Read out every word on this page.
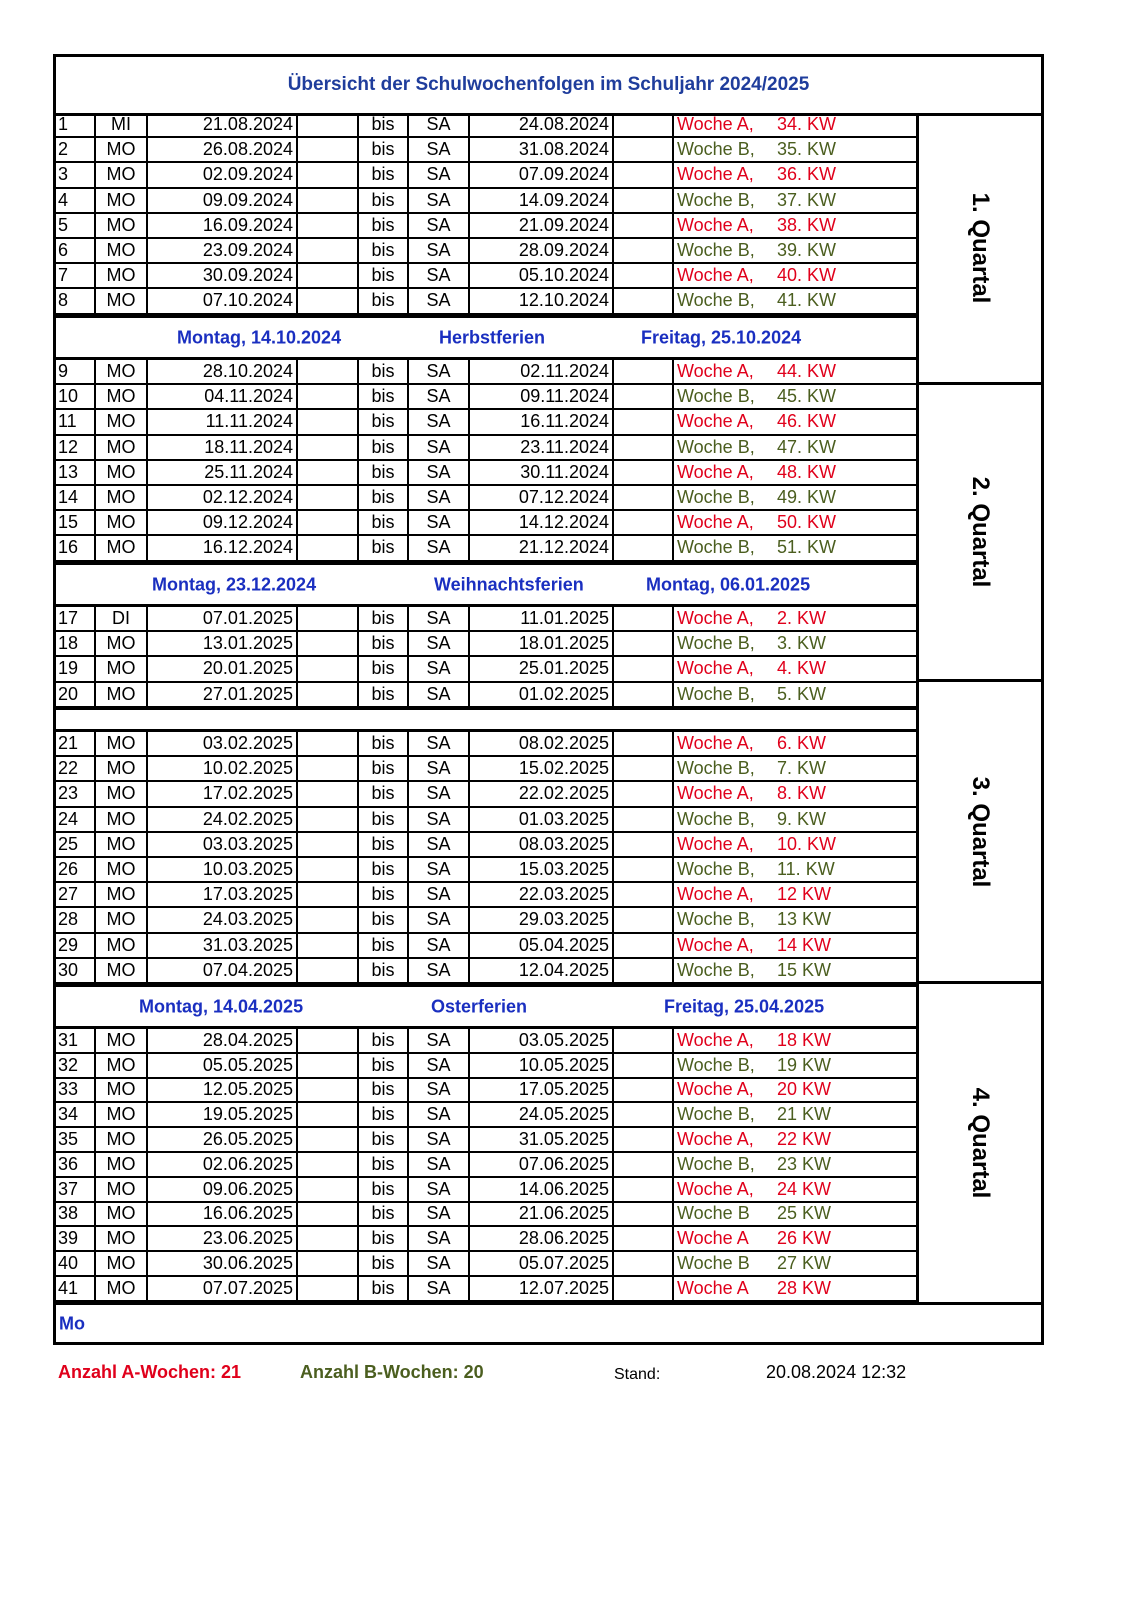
Übersicht der Schulwochenfolgen im Schuljahr 2024/2025
1	MI	21.08.2024	bis	SA	24.08.2024	Woche A,	34. KW
2	MO	26.08.2024	bis	SA	31.08.2024	Woche B,	35. KW
3	MO	02.09.2024	bis	SA	07.09.2024	Woche A,	36. KW
4	MO	09.09.2024	bis	SA	14.09.2024	Woche B,	37. KW
5	MO	16.09.2024	bis	SA	21.09.2024	Woche A,	38. KW
6	MO	23.09.2024	bis	SA	28.09.2024	Woche B,	39. KW
7	MO	30.09.2024	bis	SA	05.10.2024	Woche A,	40. KW
8	MO	07.10.2024	bis	SA	12.10.2024	Woche B,	41. KW
Montag, 14.10.2024	Herbstferien	Freitag, 25.10.2024
9	MO	28.10.2024	bis	SA	02.11.2024	Woche A,	44. KW
10	MO	04.11.2024	bis	SA	09.11.2024	Woche B,	45. KW
11	MO	11.11.2024	bis	SA	16.11.2024	Woche A,	46. KW
12	MO	18.11.2024	bis	SA	23.11.2024	Woche B,	47. KW
13	MO	25.11.2024	bis	SA	30.11.2024	Woche A,	48. KW
14	MO	02.12.2024	bis	SA	07.12.2024	Woche B,	49. KW
15	MO	09.12.2024	bis	SA	14.12.2024	Woche A,	50. KW
16	MO	16.12.2024	bis	SA	21.12.2024	Woche B,	51. KW
Montag, 23.12.2024	Weihnachtsferien	Montag, 06.01.2025
17	DI	07.01.2025	bis	SA	11.01.2025	Woche A,	2. KW
18	MO	13.01.2025	bis	SA	18.01.2025	Woche B,	3. KW
19	MO	20.01.2025	bis	SA	25.01.2025	Woche A,	4. KW
20	MO	27.01.2025	bis	SA	01.02.2025	Woche B,	5. KW
21	MO	03.02.2025	bis	SA	08.02.2025	Woche A,	6. KW
22	MO	10.02.2025	bis	SA	15.02.2025	Woche B,	7. KW
23	MO	17.02.2025	bis	SA	22.02.2025	Woche A,	8. KW
24	MO	24.02.2025	bis	SA	01.03.2025	Woche B,	9. KW
25	MO	03.03.2025	bis	SA	08.03.2025	Woche A,	10. KW
26	MO	10.03.2025	bis	SA	15.03.2025	Woche B,	11. KW
27	MO	17.03.2025	bis	SA	22.03.2025	Woche A,	12 KW
28	MO	24.03.2025	bis	SA	29.03.2025	Woche B,	13 KW
29	MO	31.03.2025	bis	SA	05.04.2025	Woche A,	14 KW
30	MO	07.04.2025	bis	SA	12.04.2025	Woche B,	15 KW
Montag, 14.04.2025	Osterferien	Freitag, 25.04.2025
31	MO	28.04.2025	bis	SA	03.05.2025	Woche A,	18 KW
32	MO	05.05.2025	bis	SA	10.05.2025	Woche B,	19 KW
33	MO	12.05.2025	bis	SA	17.05.2025	Woche A,	20 KW
34	MO	19.05.2025	bis	SA	24.05.2025	Woche B,	21 KW
35	MO	26.05.2025	bis	SA	31.05.2025	Woche A,	22 KW
36	MO	02.06.2025	bis	SA	07.06.2025	Woche B,	23 KW
37	MO	09.06.2025	bis	SA	14.06.2025	Woche A,	24 KW
38	MO	16.06.2025	bis	SA	21.06.2025	Woche B	25 KW
39	MO	23.06.2025	bis	SA	28.06.2025	Woche A	26 KW
40	MO	30.06.2025	bis	SA	05.07.2025	Woche B	27 KW
41	MO	07.07.2025	bis	SA	12.07.2025	Woche A	28 KW
1. Quartal
2. Quartal
3. Quartal
4. Quartal
Mo
Anzahl A-Wochen: 21	Anzahl B-Wochen: 20	Stand:	20.08.2024 12:32
